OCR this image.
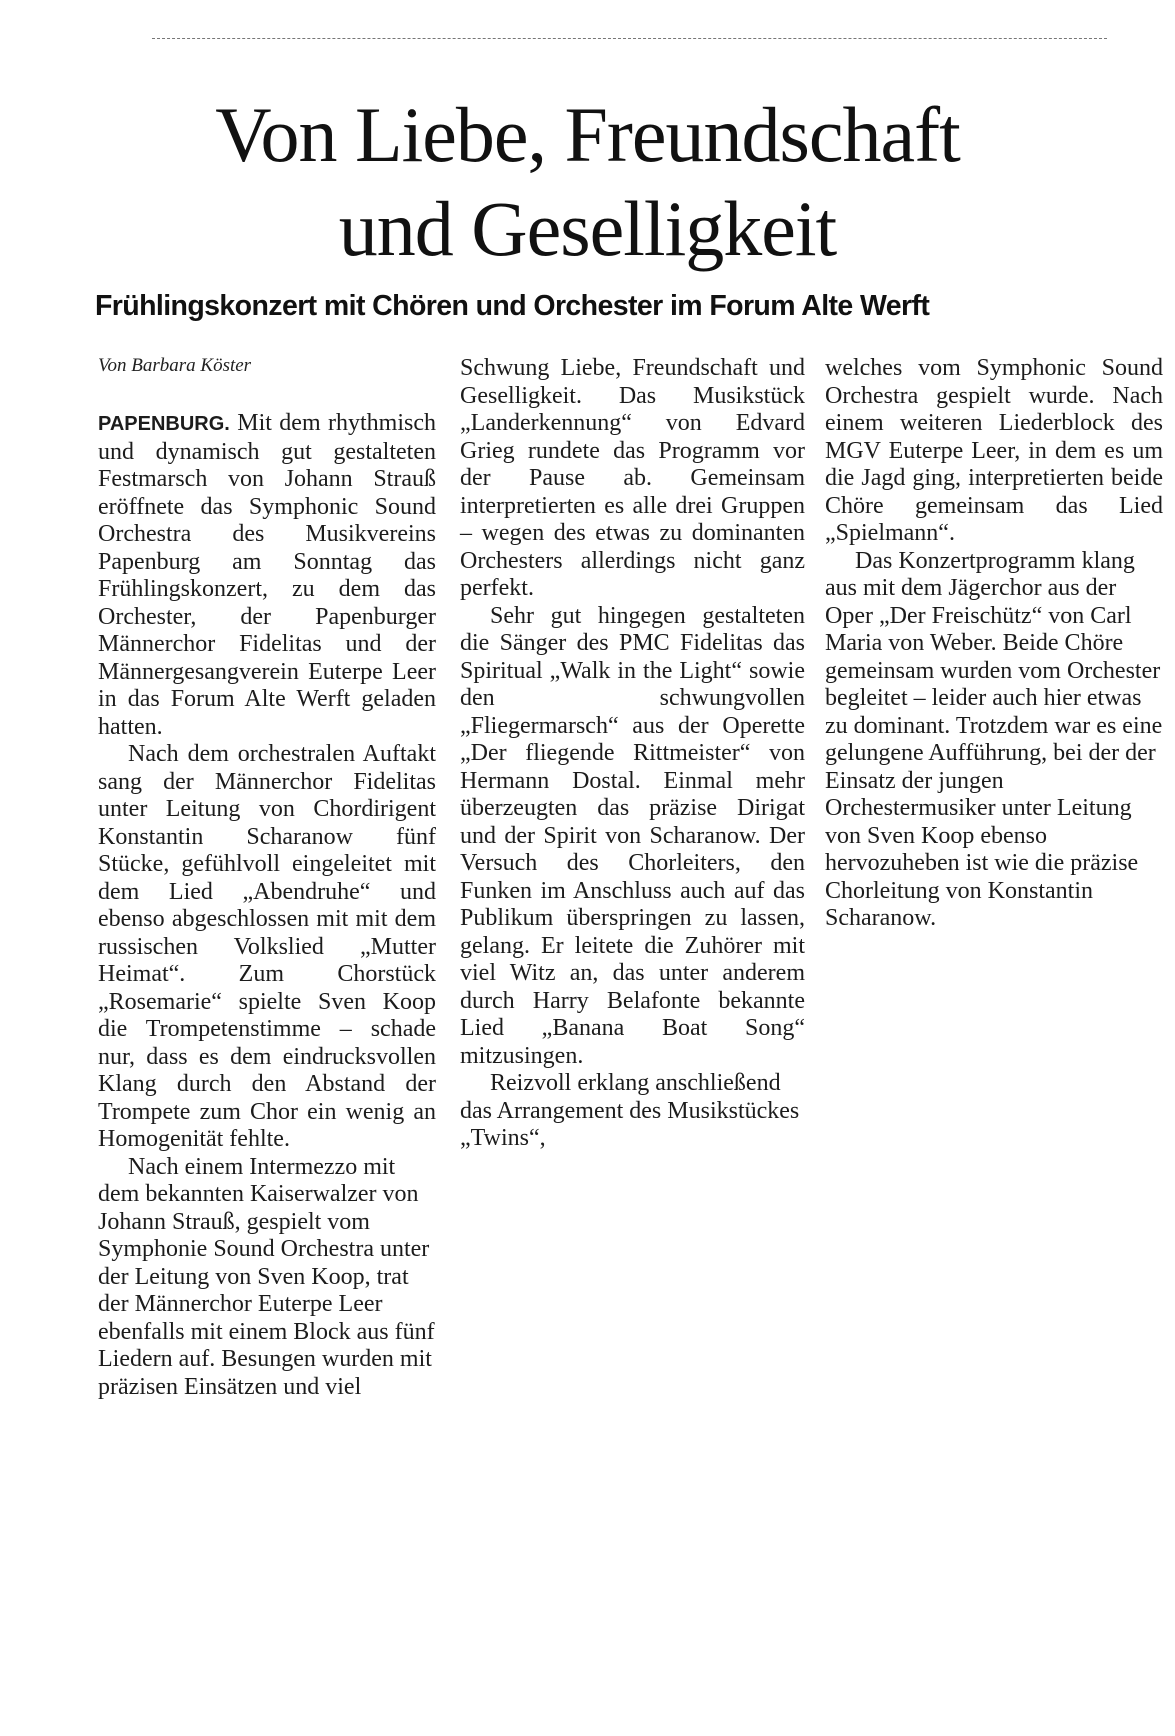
Von Liebe, Freundschaft
und Geselligkeit
Frühlingskonzert mit Chören und Orchester im Forum Alte Werft
Von Barbara Köster

PAPENBURG. Mit dem rhythmisch und dynamisch gut gestalteten Festmarsch von Johann Strauß eröffnete das Symphonic Sound Orchestra des Musikvereins Papenburg am Sonntag das Frühlingskonzert, zu dem das Orchester, der Papenburger Männerchor Fidelitas und der Männergesangverein Euterpe Leer in das Forum Alte Werft geladen hatten.

Nach dem orchestralen Auftakt sang der Männerchor Fidelitas unter Leitung von Chordirigent Konstantin Scharanow fünf Stücke, gefühlvoll eingeleitet mit dem Lied „Abendruhe“ und ebenso abgeschlossen mit mit dem russischen Volkslied „Mutter Heimat“. Zum Chorstück „Rosemarie“ spielte Sven Koop die Trompetenstimme – schade nur, dass es dem eindrucksvollen Klang durch den Abstand der Trompete zum Chor ein wenig an Homogenität fehlte.

Nach einem Intermezzo mit dem bekannten Kaiserwalzer von Johann Strauß, gespielt vom Symphonie Sound Orchestra unter der Leitung von Sven Koop, trat der Männerchor Euterpe Leer ebenfalls mit einem Block aus fünf Liedern auf. Besungen wurden mit präzisen Einsätzen und viel

Schwung Liebe, Freundschaft und Geselligkeit. Das Musikstück „Landerkennung“ von Edvard Grieg rundete das Programm vor der Pause ab. Gemeinsam interpretierten es alle drei Gruppen – wegen des etwas zu dominanten Orchesters allerdings nicht ganz perfekt.

Sehr gut hingegen gestalteten die Sänger des PMC Fidelitas das Spiritual „Walk in the Light“ sowie den schwungvollen „Fliegermarsch“ aus der Operette „Der fliegende Rittmeister“ von Hermann Dostal. Einmal mehr überzeugten das präzise Dirigat und der Spirit von Scharanow. Der Versuch des Chorleiters, den Funken im Anschluss auch auf das Publikum überspringen zu lassen, gelang. Er leitete die Zuhörer mit viel Witz an, das unter anderem durch Harry Belafonte bekannte Lied „Banana Boat Song“ mitzusingen.

Reizvoll erklang anschließend das Arrangement des Musikstückes „Twins“,

welches vom Symphonic Sound Orchestra gespielt wurde. Nach einem weiteren Liederblock des MGV Euterpe Leer, in dem es um die Jagd ging, interpretierten beide Chöre gemeinsam das Lied „Spielmann“.

Das Konzertprogramm klang aus mit dem Jägerchor aus der Oper „Der Freischütz“ von Carl Maria von Weber. Beide Chöre gemeinsam wurden vom Orchester begleitet – leider auch hier etwas zu dominant. Trotzdem war es eine gelungene Aufführung, bei der der Einsatz der jungen Orchestermusiker unter Leitung von Sven Koop ebenso hervozuheben ist wie die präzise Chorleitung von Konstantin Scharanow.
